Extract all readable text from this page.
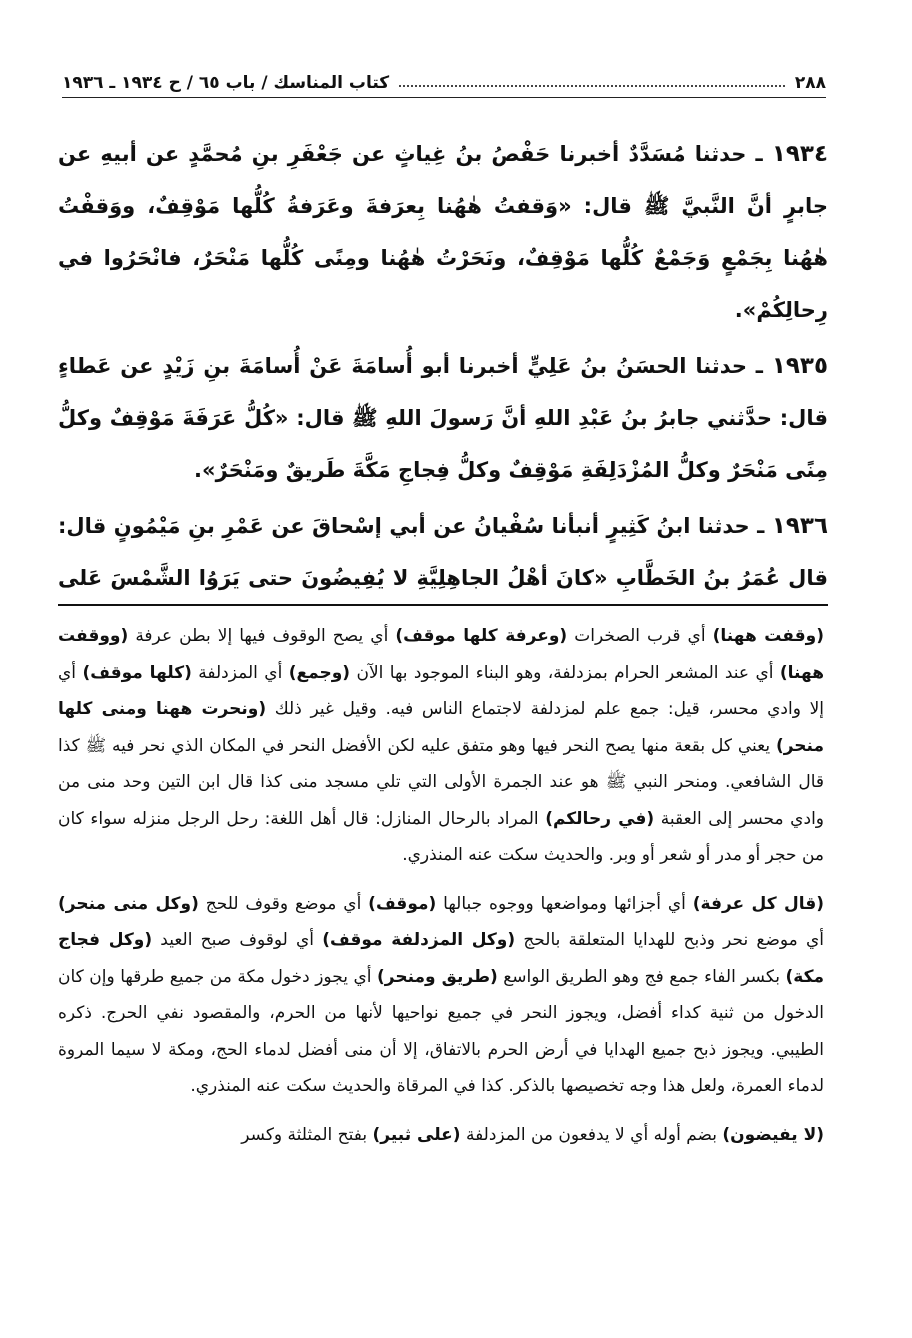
٢٨٨
كتاب المناسك / باب ٦٥ / ح ١٩٣٤ ـ ١٩٣٦

١٩٣٤ ـ حدثنا مُسَدَّدٌ أخبرنا حَفْصُ بنُ غِياثٍ عن جَعْفَرِ بنِ مُحمَّدٍ عن أبيهِ عن جابرٍ أنَّ النَّبيَّ ﷺ قال: «وَقفتُ هٰهُنا بِعرَفةَ وعَرَفةُ كُلُّها مَوْقِفٌ، ووَقفْتُ هٰهُنا بِجَمْعٍ وَجَمْعٌ كُلُّها مَوْقِفٌ، ونَحَرْتُ هٰهُنا ومِنًى كُلُّها مَنْحَرٌ، فانْحَرُوا في رِحالِكُمْ».

١٩٣٥ ـ حدثنا الحسَنُ بنُ عَلِيٍّ أخبرنا أبو أُسامَةَ عَنْ أُسامَةَ بنِ زَيْدٍ عن عَطاءٍ قال: حدَّثني جابرُ بنُ عَبْدِ اللهِ أنَّ رَسولَ اللهِ ﷺ قال: «كُلُّ عَرَفَةَ مَوْقِفٌ وكلُّ مِنًى مَنْحَرٌ وكلُّ المُزْدَلِفَةِ مَوْقِفٌ وكلُّ فِجاجِ مَكَّةَ طَريقٌ ومَنْحَرٌ».

١٩٣٦ ـ حدثنا ابنُ كَثِيرٍ أنبأنا سُفْيانُ عن أبي إسْحاقَ عن عَمْرِ بنِ مَيْمُونٍ قال: قال عُمَرُ بنُ الخَطَّابِ «كانَ أهْلُ الجاهِلِيَّةِ لا يُفِيضُونَ حتى يَرَوُا الشَّمْسَ عَلى

(وقفت ههنا) أي قرب الصخرات (وعرفة كلها موقف) أي يصح الوقوف فيها إلا بطن عرفة (ووقفت ههنا) أي عند المشعر الحرام بمزدلفة، وهو البناء الموجود بها الآن (وجمع) أي المزدلفة (كلها موقف) أي إلا وادي محسر، قيل: جمع علم لمزدلفة لاجتماع الناس فيه. وقيل غير ذلك (ونحرت ههنا ومنى كلها منحر) يعني كل بقعة منها يصح النحر فيها وهو متفق عليه لكن الأفضل النحر في المكان الذي نحر فيه ﷺ كذا قال الشافعي. ومنحر النبي ﷺ هو عند الجمرة الأولى التي تلي مسجد منى كذا قال ابن التين وحد منى من وادي محسر إلى العقبة (في رحالكم) المراد بالرحال المنازل: قال أهل اللغة: رحل الرجل منزله سواء كان من حجر أو مدر أو شعر أو وبر. والحديث سكت عنه المنذري.

(قال كل عرفة) أي أجزائها ومواضعها ووجوه جبالها (موقف) أي موضع وقوف للحج (وكل منى منحر) أي موضع نحر وذبح للهدايا المتعلقة بالحج (وكل المزدلفة موقف) أي لوقوف صبح العيد (وكل فجاج مكة) بكسر الفاء جمع فج وهو الطريق الواسع (طريق ومنحر) أي يجوز دخول مكة من جميع طرقها وإن كان الدخول من ثنية كداء أفضل، ويجوز النحر في جميع نواحيها لأنها من الحرم، والمقصود نفي الحرج. ذكره الطيبي. ويجوز ذبح جميع الهدايا في أرض الحرم بالاتفاق، إلا أن منى أفضل لدماء الحج، ومكة لا سيما المروة لدماء العمرة، ولعل هذا وجه تخصيصها بالذكر. كذا في المرقاة والحديث سكت عنه المنذري.

(لا يفيضون) بضم أوله أي لا يدفعون من المزدلفة (على ثبير) بفتح المثلثة وكسر
